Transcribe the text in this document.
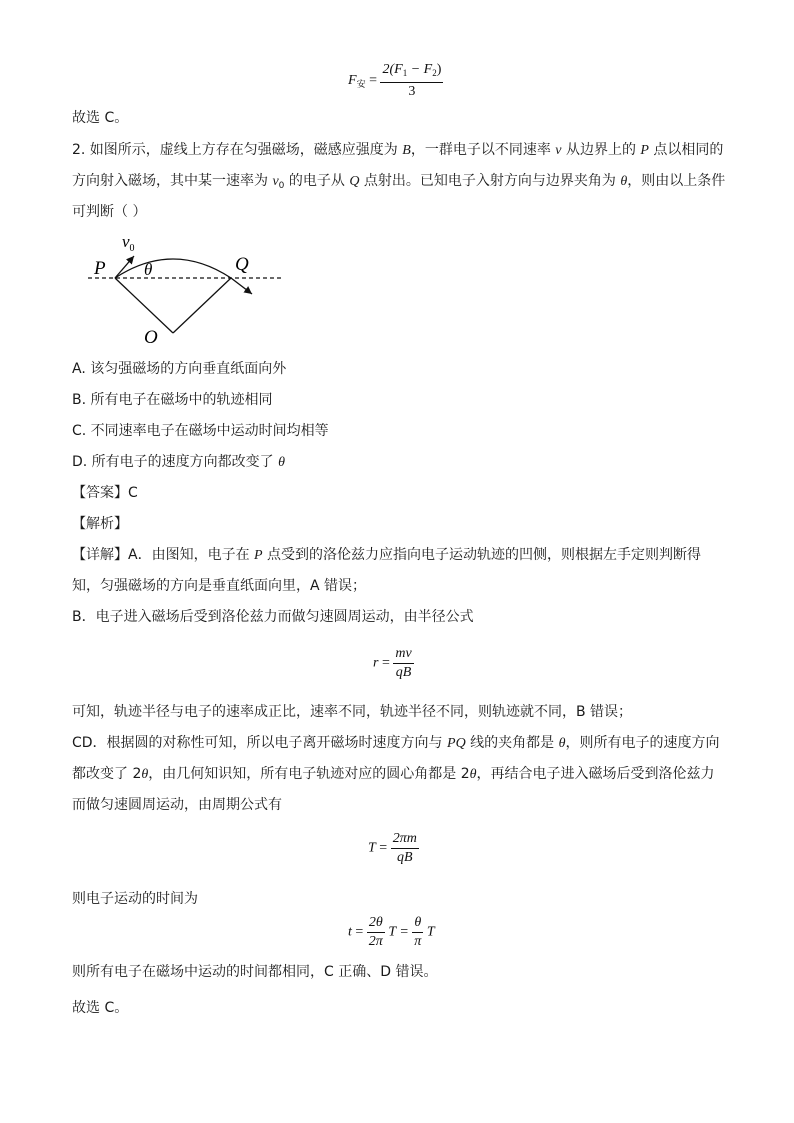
$F_安 = \frac{2(F_1 - F_2)}{3}$
故选 C。
2. 如图所示，虚线上方存在匀强磁场，磁感应强度为 B，一群电子以不同速率 v 从边界上的 P 点以相同的
方向射入磁场，其中某一速率为 $v_0$ 的电子从 Q 点射出。已知电子入射方向与边界夹角为 θ，则由以上条件
可判断（ ）
$v_0$
P θ	Q
O
A. 该匀强磁场的方向垂直纸面向外
B. 所有电子在磁场中的轨迹相同
C. 不同速率电子在磁场中运动时间均相等
D. 所有电子的速度方向都改变了 θ
【答案】C
【解析】
【详解】A．由图知，电子在 P 点受到的洛伦兹力应指向电子运动轨迹的凹侧，则根据左手定则判断得
知，匀强磁场的方向是垂直纸面向里，A 错误；
B．电子进入磁场后受到洛伦兹力而做匀速圆周运动，由半径公式
$r = \frac{mv}{qB}$
可知，轨迹半径与电子的速率成正比，速率不同，轨迹半径不同，则轨迹就不同，B 错误；
CD．根据圆的对称性可知，所以电子离开磁场时速度方向与 PQ 线的夹角都是 θ，则所有电子的速度方向
都改变了 2θ，由几何知识知，所有电子轨迹对应的圆心角都是 2θ，再结合电子进入磁场后受到洛伦兹力
而做匀速圆周运动，由周期公式有
$T = \frac{2\pi m}{qB}$
则电子运动的时间为
$t = \frac{2\theta}{2\pi}$ $T = \frac{\theta}{\pi}$ T
则所有电子在磁场中运动的时间都相同，C 正确、D 错误。
故选 C。
